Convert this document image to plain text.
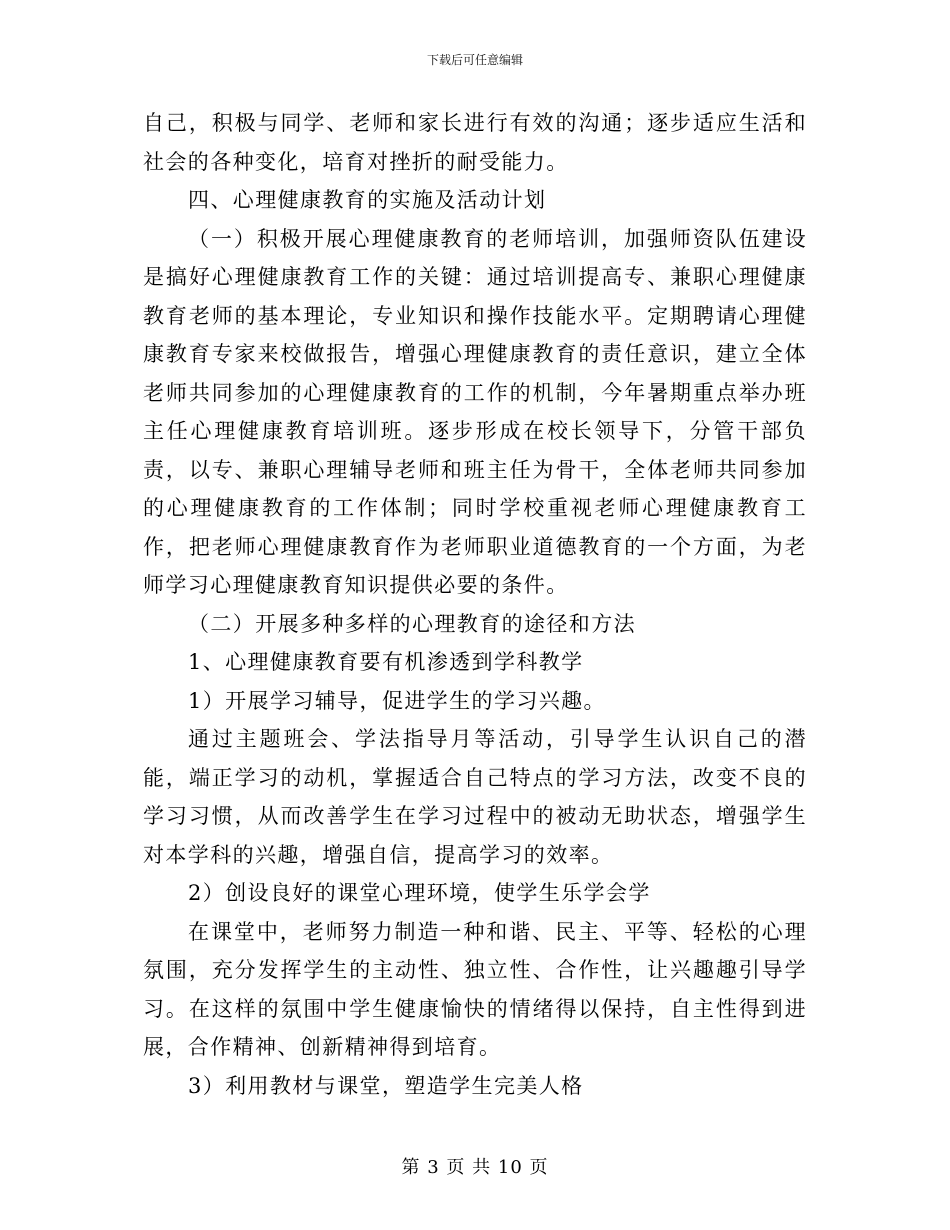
下载后可任意编辑

自己，积极与同学、老师和家长进行有效的沟通；逐步适应生活和社会的各种变化，培育对挫折的耐受能力。

四、心理健康教育的实施及活动计划

（一）积极开展心理健康教育的老师培训，加强师资队伍建设是搞好心理健康教育工作的关键：通过培训提高专、兼职心理健康教育老师的基本理论，专业知识和操作技能水平。定期聘请心理健康教育专家来校做报告，增强心理健康教育的责任意识，建立全体老师共同参加的心理健康教育的工作的机制，今年暑期重点举办班主任心理健康教育培训班。逐步形成在校长领导下，分管干部负责，以专、兼职心理辅导老师和班主任为骨干，全体老师共同参加的心理健康教育的工作体制；同时学校重视老师心理健康教育工作，把老师心理健康教育作为老师职业道德教育的一个方面，为老师学习心理健康教育知识提供必要的条件。

（二）开展多种多样的心理教育的途径和方法

1、心理健康教育要有机渗透到学科教学

1）开展学习辅导，促进学生的学习兴趣。

通过主题班会、学法指导月等活动，引导学生认识自己的潜能，端正学习的动机，掌握适合自己特点的学习方法，改变不良的学习习惯，从而改善学生在学习过程中的被动无助状态，增强学生对本学科的兴趣，增强自信，提高学习的效率。

2）创设良好的课堂心理环境，使学生乐学会学

在课堂中，老师努力制造一种和谐、民主、平等、轻松的心理氛围，充分发挥学生的主动性、独立性、合作性，让兴趣趣引导学习。在这样的氛围中学生健康愉快的情绪得以保持，自主性得到进展，合作精神、创新精神得到培育。

3）利用教材与课堂，塑造学生完美人格

第 3 页 共 10 页
